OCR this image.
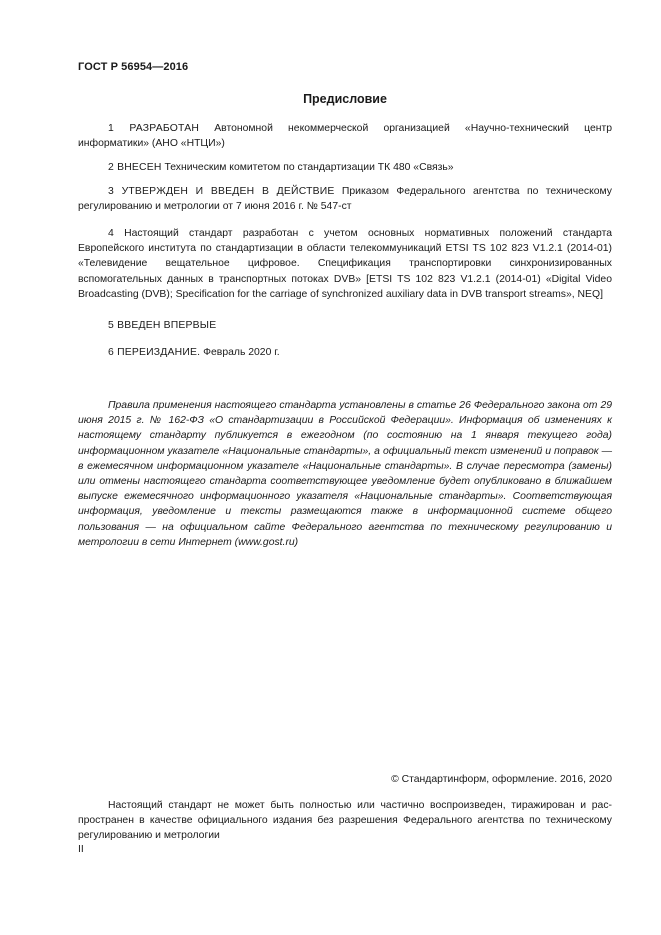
ГОСТ Р 56954—2016
Предисловие

1 РАЗРАБОТАН Автономной некоммерческой организацией «Научно-технический центр информатики» (АНО «НТЦИ»)

2 ВНЕСЕН Техническим комитетом по стандартизации ТК 480 «Связь»

3 УТВЕРЖДЕН И ВВЕДЕН В ДЕЙСТВИЕ Приказом Федерального агентства по техническому регулированию и метрологии от 7 июня 2016 г. № 547-ст

4 Настоящий стандарт разработан с учетом основных нормативных положений стандарта Европейского института по стандартизации в области телекоммуникаций ETSI TS 102 823 V1.2.1 (2014-01) «Телевидение вещательное цифровое. Спецификация транспортировки синхронизированных вспомогательных данных в транспортных потоках DVB» [ETSI TS 102 823 V1.2.1 (2014-01) «Digital Video Broadcasting (DVB); Specification for the carriage of synchronized auxiliary data in DVB transport streams», NEQ]

5 ВВЕДЕН ВПЕРВЫЕ

6 ПЕРЕИЗДАНИЕ. Февраль 2020 г.

Правила применения настоящего стандарта установлены в статье 26 Федерального закона от 29 июня 2015 г. № 162-ФЗ «О стандартизации в Российской Федерации». Информация об изменениях к настоящему стандарту публикуется в ежегодном (по состоянию на 1 января текущего года) информационном указателе «Национальные стандарты», а официальный текст изменений и поправок — в ежемесячном информационном указателе «Национальные стандарты». В случае пересмотра (замены) или отмены настоящего стандарта соответствующее уведомление будет опубликовано в ближайшем выпуске ежемесячного информационного указателя «Национальные стандарты». Соответствующая информация, уведомление и тексты размещаются также в информационной системе общего пользования — на официальном сайте Федерального агентства по техническому регулированию и метрологии в сети Интернет (www.gost.ru)

© Стандартинформ, оформление. 2016, 2020

Настоящий стандарт не может быть полностью или частично воспроизведен, тиражирован и распространен в качестве официального издания без разрешения Федерального агентства по техническому регулированию и метрологии

II
